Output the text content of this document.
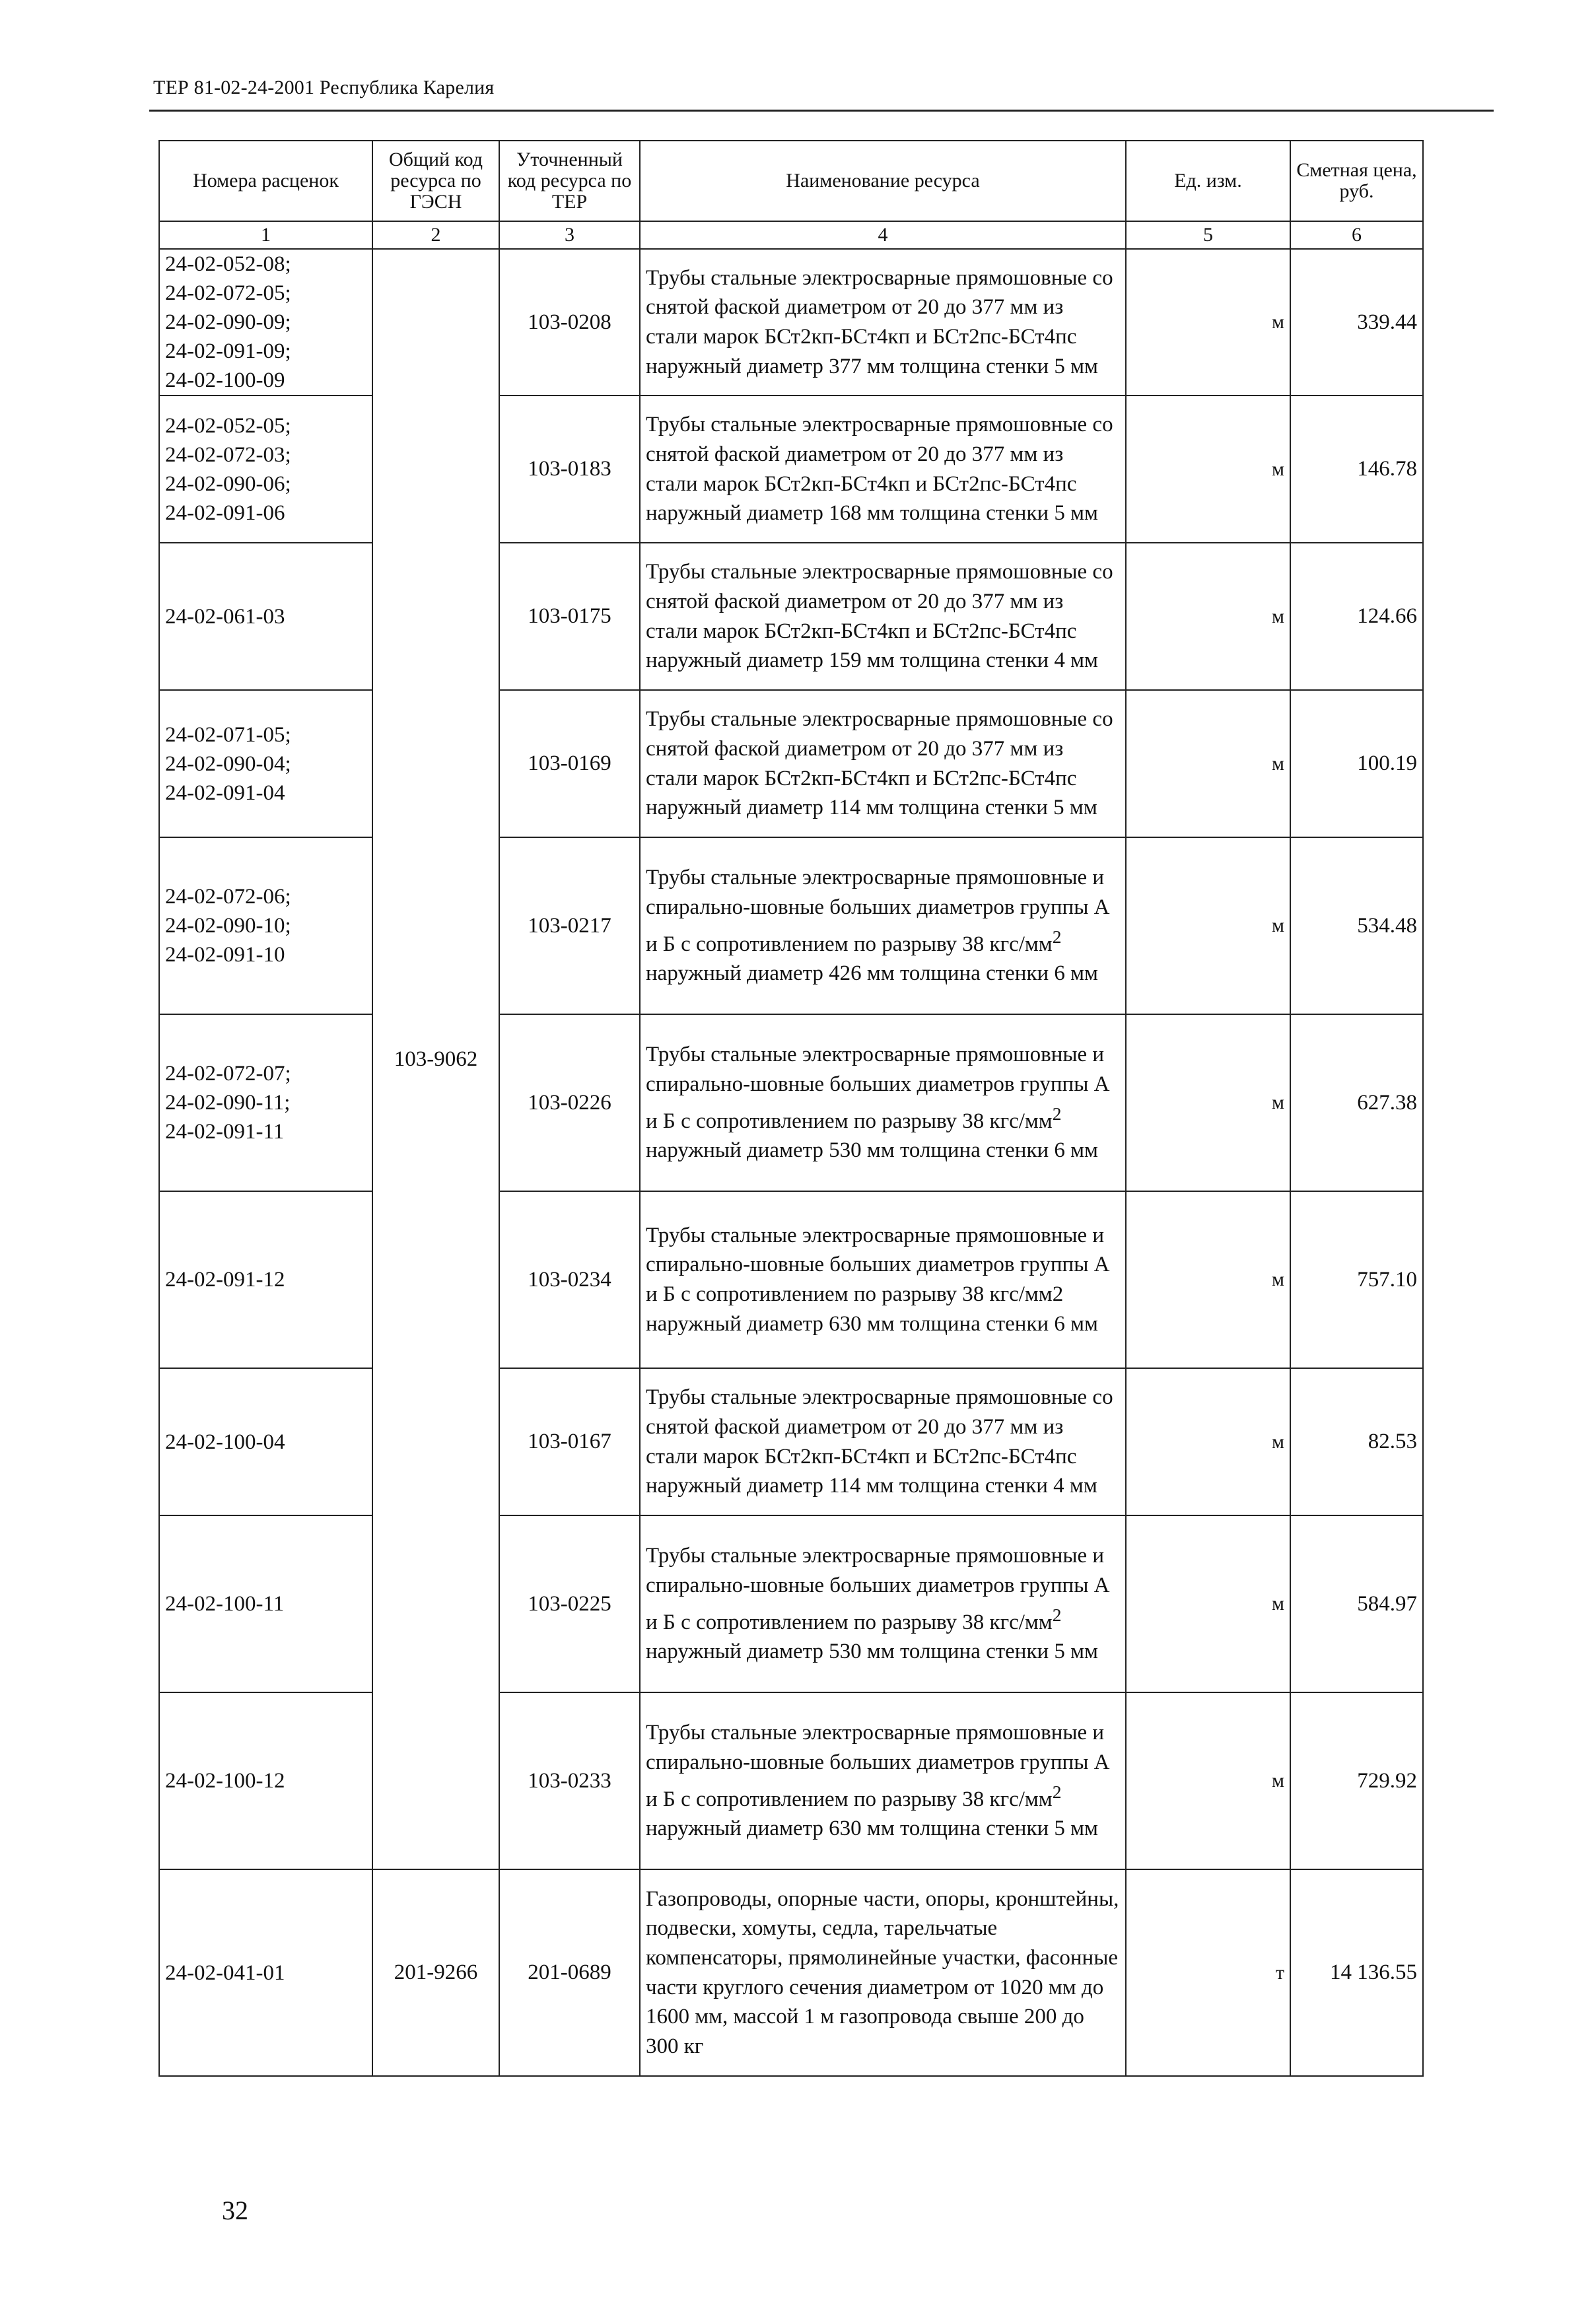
ТЕР 81-02-24-2001 Республика Карелия
Номера расценок	Общий код ресурса по ГЭСН	Уточненный код ресурса по ТЕР	Наименование ресурса	Ед. изм.	Сметная цена, руб.
1	2	3	4	5	6
24-02-052-08;
24-02-072-05;
24-02-090-09;
24-02-091-09;
24-02-100-09	103-9062	103-0208	Трубы стальные электросварные прямошовные со снятой фаской диаметром от 20 до 377 мм из стали марок БСт2кп-БСт4кп и БСт2пс-БСт4пс наружный диаметр 377 мм толщина стенки 5 мм	м	339.44
24-02-052-05;
24-02-072-03;
24-02-090-06;
24-02-091-06		103-0183	Трубы стальные электросварные прямошовные со снятой фаской диаметром от 20 до 377 мм из стали марок БСт2кп-БСт4кп и БСт2пс-БСт4пс наружный диаметр 168 мм толщина стенки 5 мм	м	146.78
24-02-061-03		103-0175	Трубы стальные электросварные прямошовные со снятой фаской диаметром от 20 до 377 мм из стали марок БСт2кп-БСт4кп и БСт2пс-БСт4пс наружный диаметр 159 мм толщина стенки 4 мм	м	124.66
24-02-071-05;
24-02-090-04;
24-02-091-04		103-0169	Трубы стальные электросварные прямошовные со снятой фаской диаметром от 20 до 377 мм из стали марок БСт2кп-БСт4кп и БСт2пс-БСт4пс наружный диаметр 114 мм толщина стенки 5 мм	м	100.19
24-02-072-06;
24-02-090-10;
24-02-091-10		103-0217	Трубы стальные электросварные прямошовные и спирально-шовные больших диаметров группы А и Б с сопротивлением по разрыву 38 кгс/$мм^2$ наружный диаметр 426 мм толщина стенки 6 мм	м	534.48
24-02-072-07;
24-02-090-11;
24-02-091-11		103-0226	Трубы стальные электросварные прямошовные и спирально-шовные больших диаметров группы А и Б с сопротивлением по разрыву 38 кгс/$мм^2$ наружный диаметр 530 мм толщина стенки 6 мм	м	627.38
24-02-091-12		103-0234	Трубы стальные электросварные прямошовные и спирально-шовные больших диаметров группы А и Б с сопротивлением по разрыву 38 кгс/мм2 наружный диаметр 630 мм толщина стенки 6 мм	м	757.10
24-02-100-04		103-0167	Трубы стальные электросварные прямошовные со снятой фаской диаметром от 20 до 377 мм из стали марок БСт2кп-БСт4кп и БСт2пс-БСт4пс наружный диаметр 114 мм толщина стенки 4 мм	м	82.53
24-02-100-11		103-0225	Трубы стальные электросварные прямошовные и спирально-шовные больших диаметров группы А и Б с сопротивлением по разрыву 38 кгс/$мм^2$ наружный диаметр 530 мм толщина стенки 5 мм	м	584.97
24-02-100-12		103-0233	Трубы стальные электросварные прямошовные и спирально-шовные больших диаметров группы А и Б с сопротивлением по разрыву 38 кгс/$мм^2$ наружный диаметр 630 мм толщина стенки 5 мм	м	729.92
24-02-041-01	201-9266	201-0689	Газопроводы, опорные части, опоры, кронштейны, подвески, хомуты, седла, тарельчатые компенсаторы, прямолинейные участки, фасонные части круглого сечения диаметром от 1020 мм до 1600 мм, массой 1 м газопровода свыше 200 до 300 кг	т	14 136.55
32
